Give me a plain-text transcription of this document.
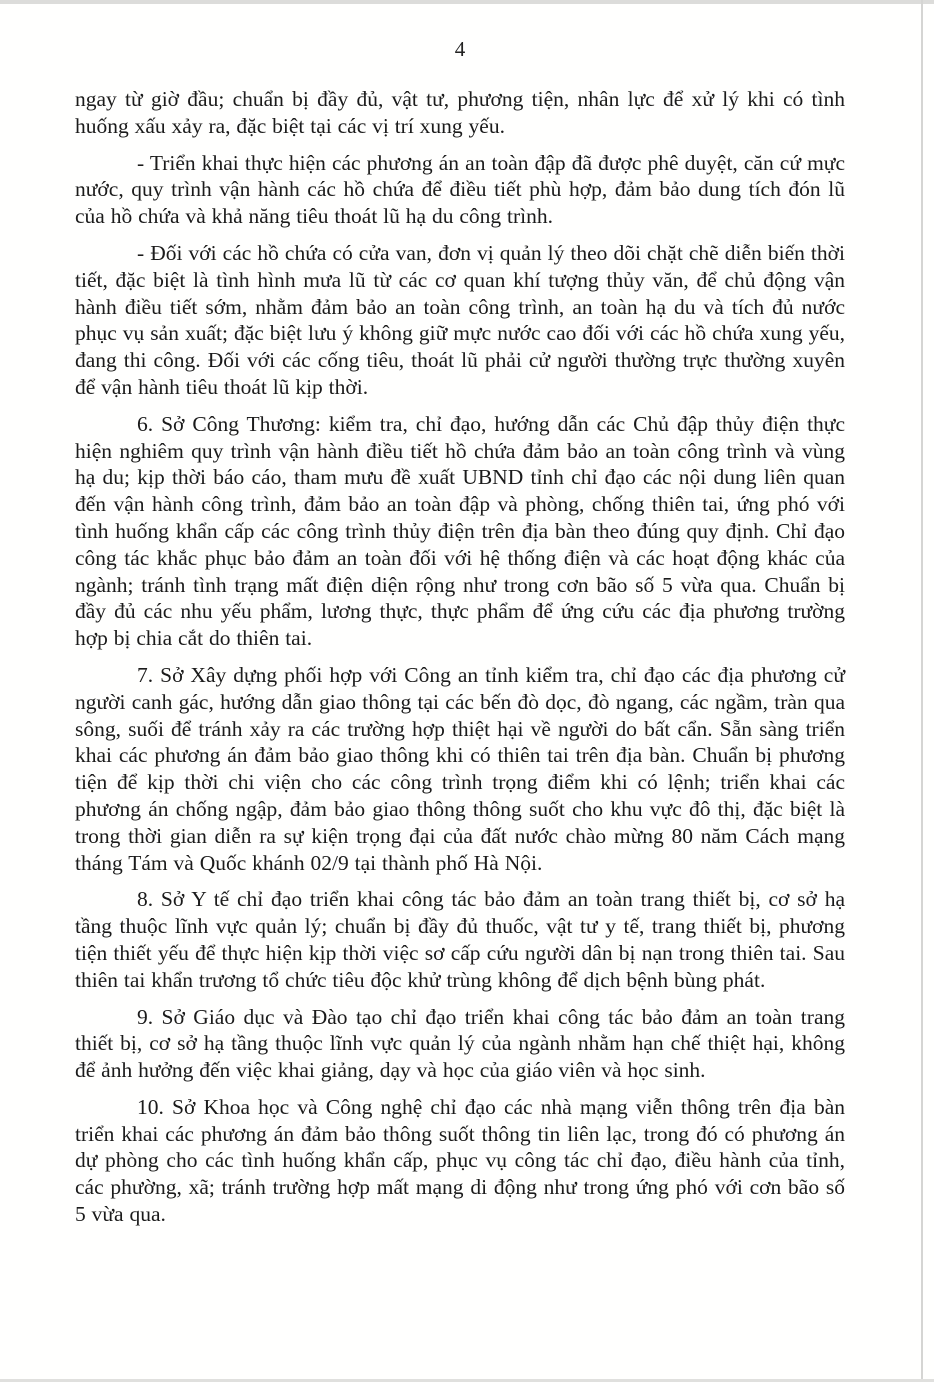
4

ngay từ giờ đầu; chuẩn bị đầy đủ, vật tư, phương tiện, nhân lực để xử lý khi có tình huống xấu xảy ra, đặc biệt tại các vị trí xung yếu.

- Triển khai thực hiện các phương án an toàn đập đã được phê duyệt, căn cứ mực nước, quy trình vận hành các hồ chứa để điều tiết phù hợp, đảm bảo dung tích đón lũ của hồ chứa và khả năng tiêu thoát lũ hạ du công trình.

- Đối với các hồ chứa có cửa van, đơn vị quản lý theo dõi chặt chẽ diễn biến thời tiết, đặc biệt là tình hình mưa lũ từ các cơ quan khí tượng thủy văn, để chủ động vận hành điều tiết sớm, nhằm đảm bảo an toàn công trình, an toàn hạ du và tích đủ nước phục vụ sản xuất; đặc biệt lưu ý không giữ mực nước cao đối với các hồ chứa xung yếu, đang thi công. Đối với các cống tiêu, thoát lũ phải cử người thường trực thường xuyên để vận hành tiêu thoát lũ kịp thời.

6. Sở Công Thương: kiểm tra, chỉ đạo, hướng dẫn các Chủ đập thủy điện thực hiện nghiêm quy trình vận hành điều tiết hồ chứa đảm bảo an toàn công trình và vùng hạ du; kịp thời báo cáo, tham mưu đề xuất UBND tỉnh chỉ đạo các nội dung liên quan đến vận hành công trình, đảm bảo an toàn đập và phòng, chống thiên tai, ứng phó với tình huống khẩn cấp các công trình thủy điện trên địa bàn theo đúng quy định. Chỉ đạo công tác khắc phục bảo đảm an toàn đối với hệ thống điện và các hoạt động khác của ngành; tránh tình trạng mất điện diện rộng như trong cơn bão số 5 vừa qua. Chuẩn bị đầy đủ các nhu yếu phẩm, lương thực, thực phẩm để ứng cứu các địa phương trường hợp bị chia cắt do thiên tai.

7. Sở Xây dựng phối hợp với Công an tỉnh kiểm tra, chỉ đạo các địa phương cử người canh gác, hướng dẫn giao thông tại các bến đò dọc, đò ngang, các ngầm, tràn qua sông, suối để tránh xảy ra các trường hợp thiệt hại về người do bất cẩn. Sẵn sàng triển khai các phương án đảm bảo giao thông khi có thiên tai trên địa bàn. Chuẩn bị phương tiện để kịp thời chi viện cho các công trình trọng điểm khi có lệnh; triển khai các phương án chống ngập, đảm bảo giao thông thông suốt cho khu vực đô thị, đặc biệt là trong thời gian diễn ra sự kiện trọng đại của đất nước chào mừng 80 năm Cách mạng tháng Tám và Quốc khánh 02/9 tại thành phố Hà Nội.

8. Sở Y tế chỉ đạo triển khai công tác bảo đảm an toàn trang thiết bị, cơ sở hạ tầng thuộc lĩnh vực quản lý; chuẩn bị đầy đủ thuốc, vật tư y tế, trang thiết bị, phương tiện thiết yếu để thực hiện kịp thời việc sơ cấp cứu người dân bị nạn trong thiên tai. Sau thiên tai khẩn trương tổ chức tiêu độc khử trùng không để dịch bệnh bùng phát.

9. Sở Giáo dục và Đào tạo chỉ đạo triển khai công tác bảo đảm an toàn trang thiết bị, cơ sở hạ tầng thuộc lĩnh vực quản lý của ngành nhằm hạn chế thiệt hại, không để ảnh hưởng đến việc khai giảng, dạy và học của giáo viên và học sinh.

10. Sở Khoa học và Công nghệ chỉ đạo các nhà mạng viễn thông trên địa bàn triển khai các phương án đảm bảo thông suốt thông tin liên lạc, trong đó có phương án dự phòng cho các tình huống khẩn cấp, phục vụ công tác chỉ đạo, điều hành của tỉnh, các phường, xã; tránh trường hợp mất mạng di động như trong ứng phó với cơn bão số 5 vừa qua.
